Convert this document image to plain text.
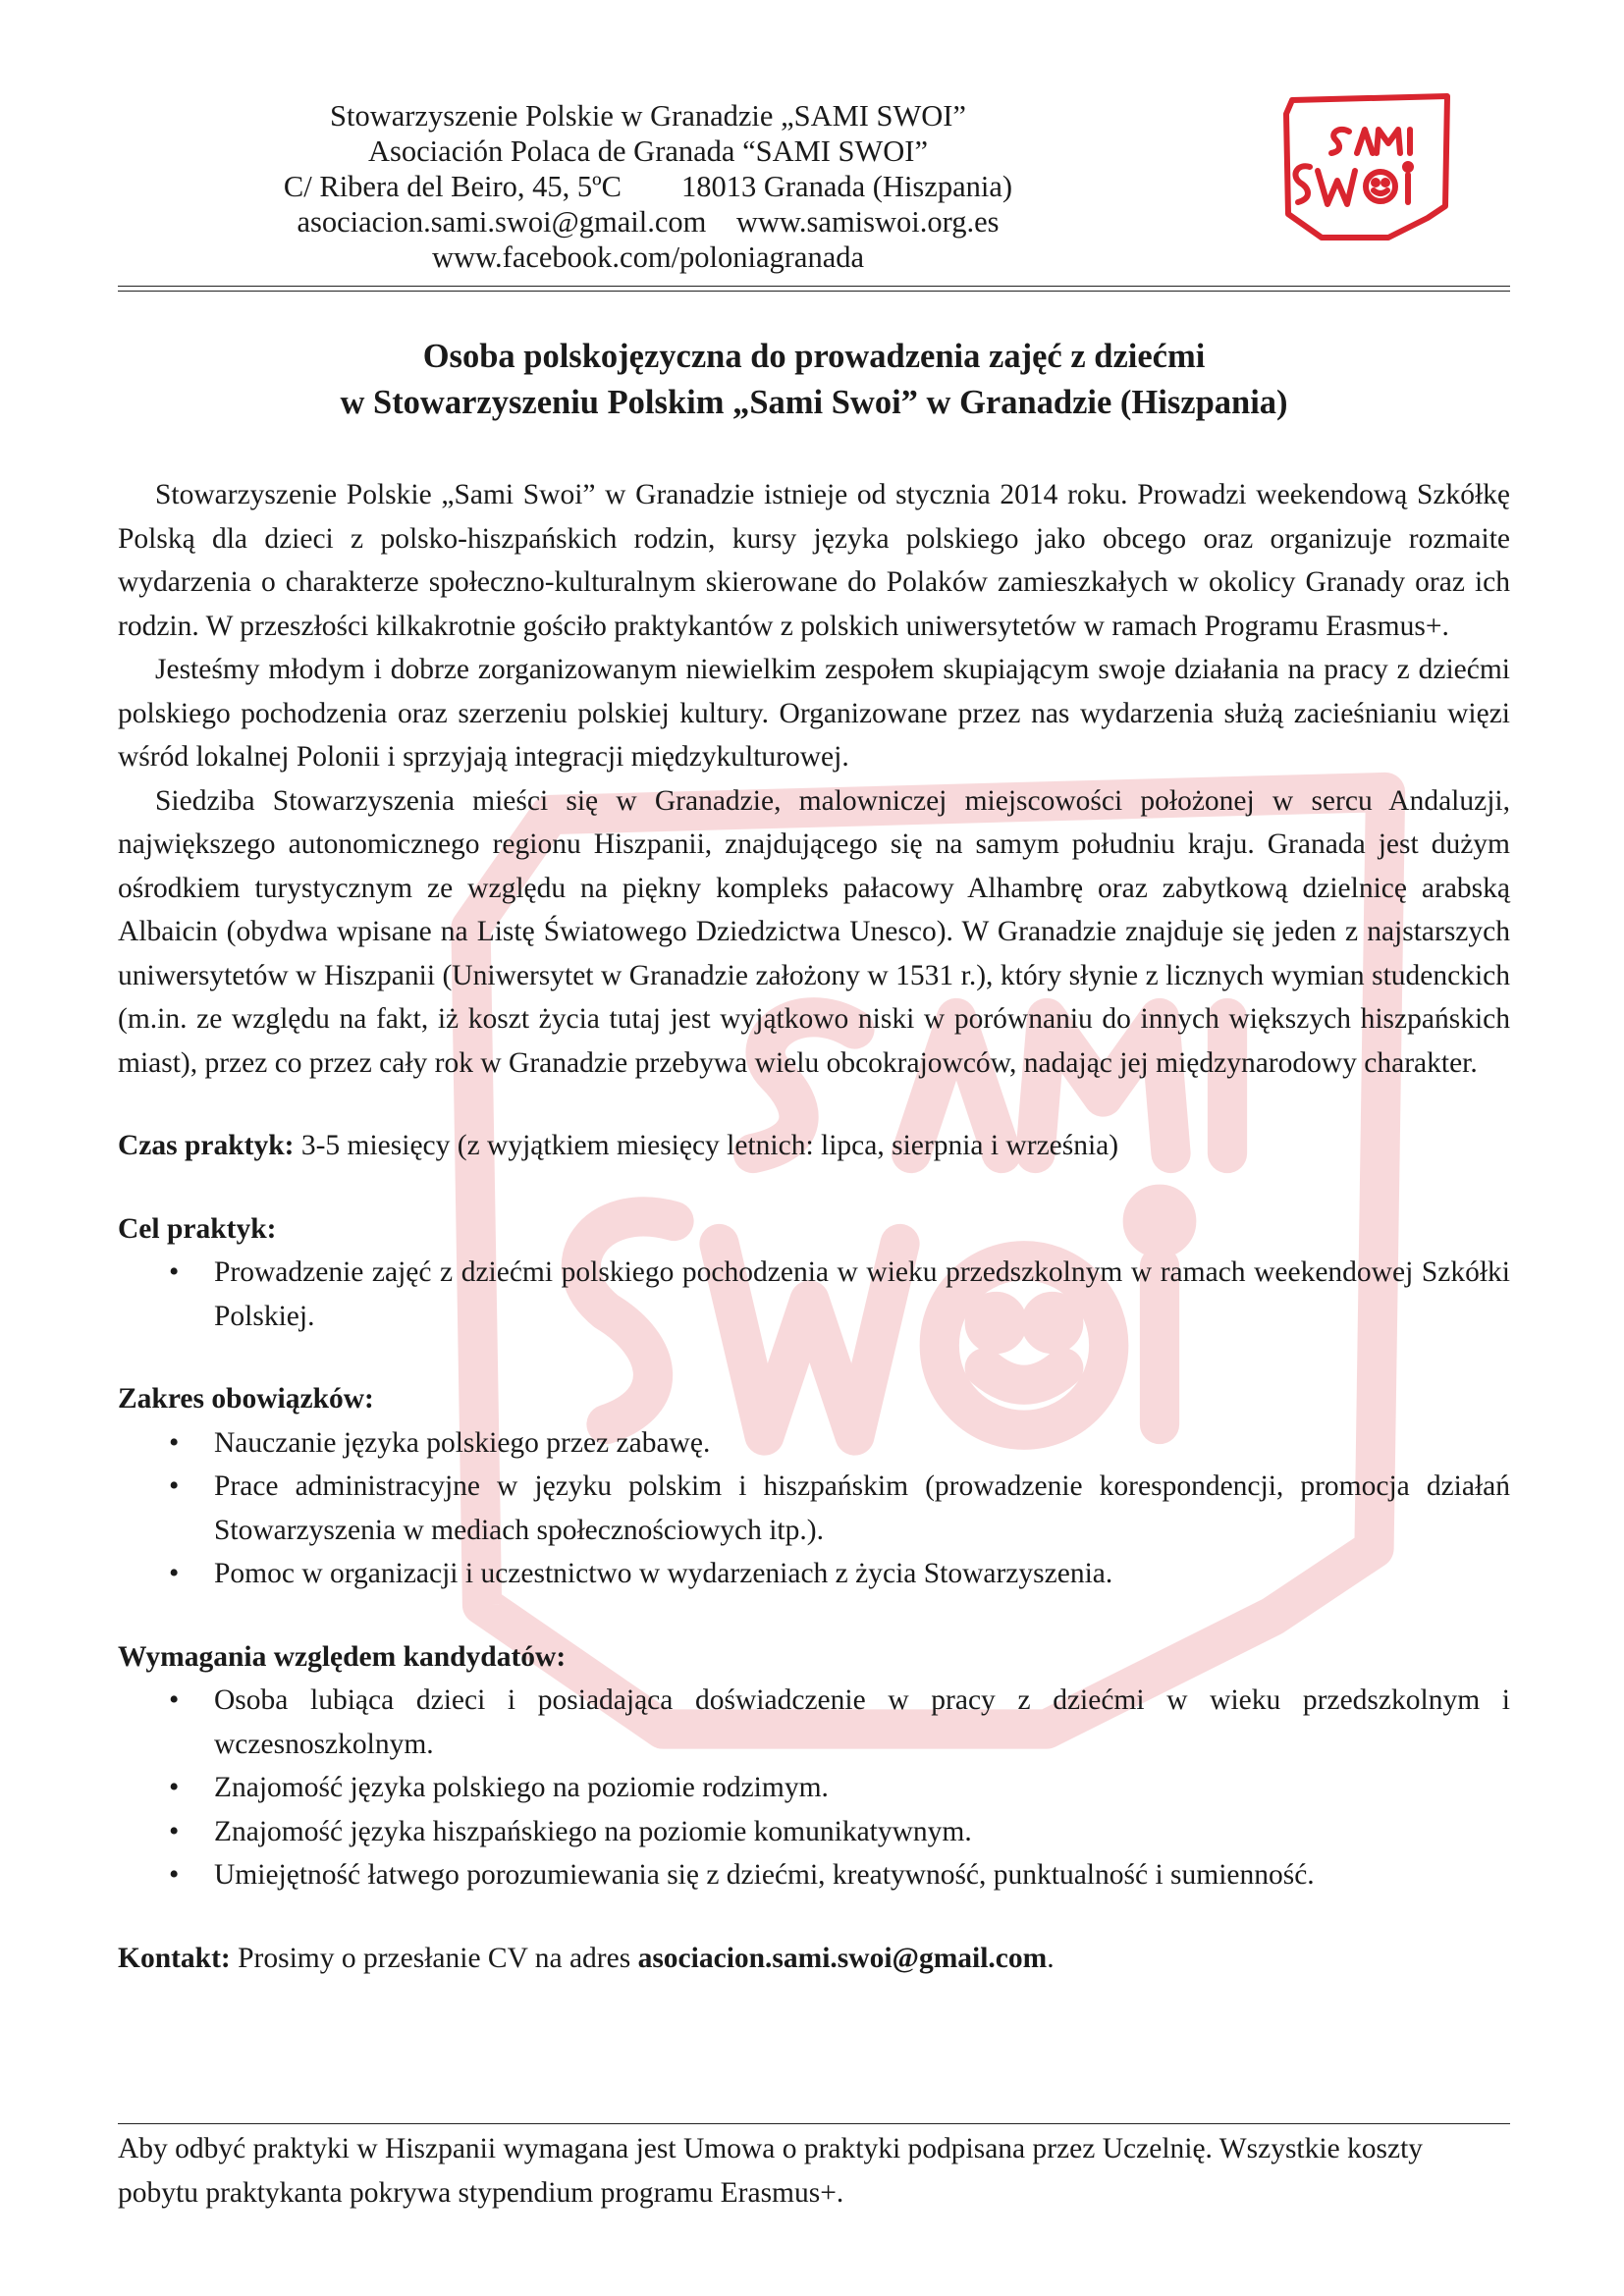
Stowarzyszenie Polskie w Granadzie „SAMI SWOI”
Asociación Polaca de Granada “SAMI SWOI”
C/ Ribera del Beiro, 45, 5ºC        18013 Granada (Hiszpania)
asociacion.sami.swoi@gmail.com    www.samiswoi.org.es
www.facebook.com/poloniagranada
Osoba polskojęzyczna do prowadzenia zajęć z dziećmi
w Stowarzyszeniu Polskim „Sami Swoi” w Granadzie (Hiszpania)

Stowarzyszenie Polskie „Sami Swoi” w Granadzie istnieje od stycznia 2014 roku. Prowadzi weekendową Szkółkę Polską dla dzieci z polsko-hiszpańskich rodzin, kursy języka polskiego jako obcego oraz organizuje rozmaite wydarzenia o charakterze społeczno-kulturalnym skierowane do Polaków zamieszkałych w okolicy Granady oraz ich rodzin. W przeszłości kilkakrotnie gościło praktykantów z polskich uniwersytetów w ramach Programu Erasmus+.

Jesteśmy młodym i dobrze zorganizowanym niewielkim zespołem skupiającym swoje działania na pracy z dziećmi polskiego pochodzenia oraz szerzeniu polskiej kultury. Organizowane przez nas wydarzenia służą zacieśnianiu więzi wśród lokalnej Polonii i sprzyjają integracji międzykulturowej.

Siedziba Stowarzyszenia mieści się w Granadzie, malowniczej miejscowości położonej w sercu Andaluzji, największego autonomicznego regionu Hiszpanii, znajdującego się na samym południu kraju. Granada jest dużym ośrodkiem turystycznym ze względu na piękny kompleks pałacowy Alhambrę oraz zabytkową dzielnicę arabską Albaicin (obydwa wpisane na Listę Światowego Dziedzictwa Unesco). W Granadzie znajduje się jeden z najstarszych uniwersytetów w Hiszpanii (Uniwersytet w Granadzie założony w 1531 r.), który słynie z licznych wymian studenckich (m.in. ze względu na fakt, iż koszt życia tutaj jest wyjątkowo niski w porównaniu do innych większych hiszpańskich miast), przez co przez cały rok w Granadzie przebywa wielu obcokrajowców, nadając jej międzynarodowy charakter.

Czas praktyk: 3-5 miesięcy (z wyjątkiem miesięcy letnich: lipca, sierpnia i września)
Cel praktyk:
• Prowadzenie zajęć z dziećmi polskiego pochodzenia w wieku przedszkolnym w ramach weekendowej Szkółki Polskiej.
Zakres obowiązków:
• Nauczanie języka polskiego przez zabawę.
• Prace administracyjne w języku polskim i hiszpańskim (prowadzenie korespondencji, promocja działań Stowarzyszenia w mediach społecznościowych itp.).
• Pomoc w organizacji i uczestnictwo w wydarzeniach z życia Stowarzyszenia.
Wymagania względem kandydatów:
• Osoba lubiąca dzieci i posiadająca doświadczenie w pracy z dziećmi w wieku przedszkolnym i wczesnoszkolnym.
• Znajomość języka polskiego na poziomie rodzimym.
• Znajomość języka hiszpańskiego na poziomie komunikatywnym.
• Umiejętność łatwego porozumiewania się z dziećmi, kreatywność, punktualność i sumienność.
Kontakt: Prosimy o przesłanie CV na adres asociacion.sami.swoi@gmail.com.
Aby odbyć praktyki w Hiszpanii wymagana jest Umowa o praktyki podpisana przez Uczelnię. Wszystkie koszty pobytu praktykanta pokrywa stypendium programu Erasmus+.
